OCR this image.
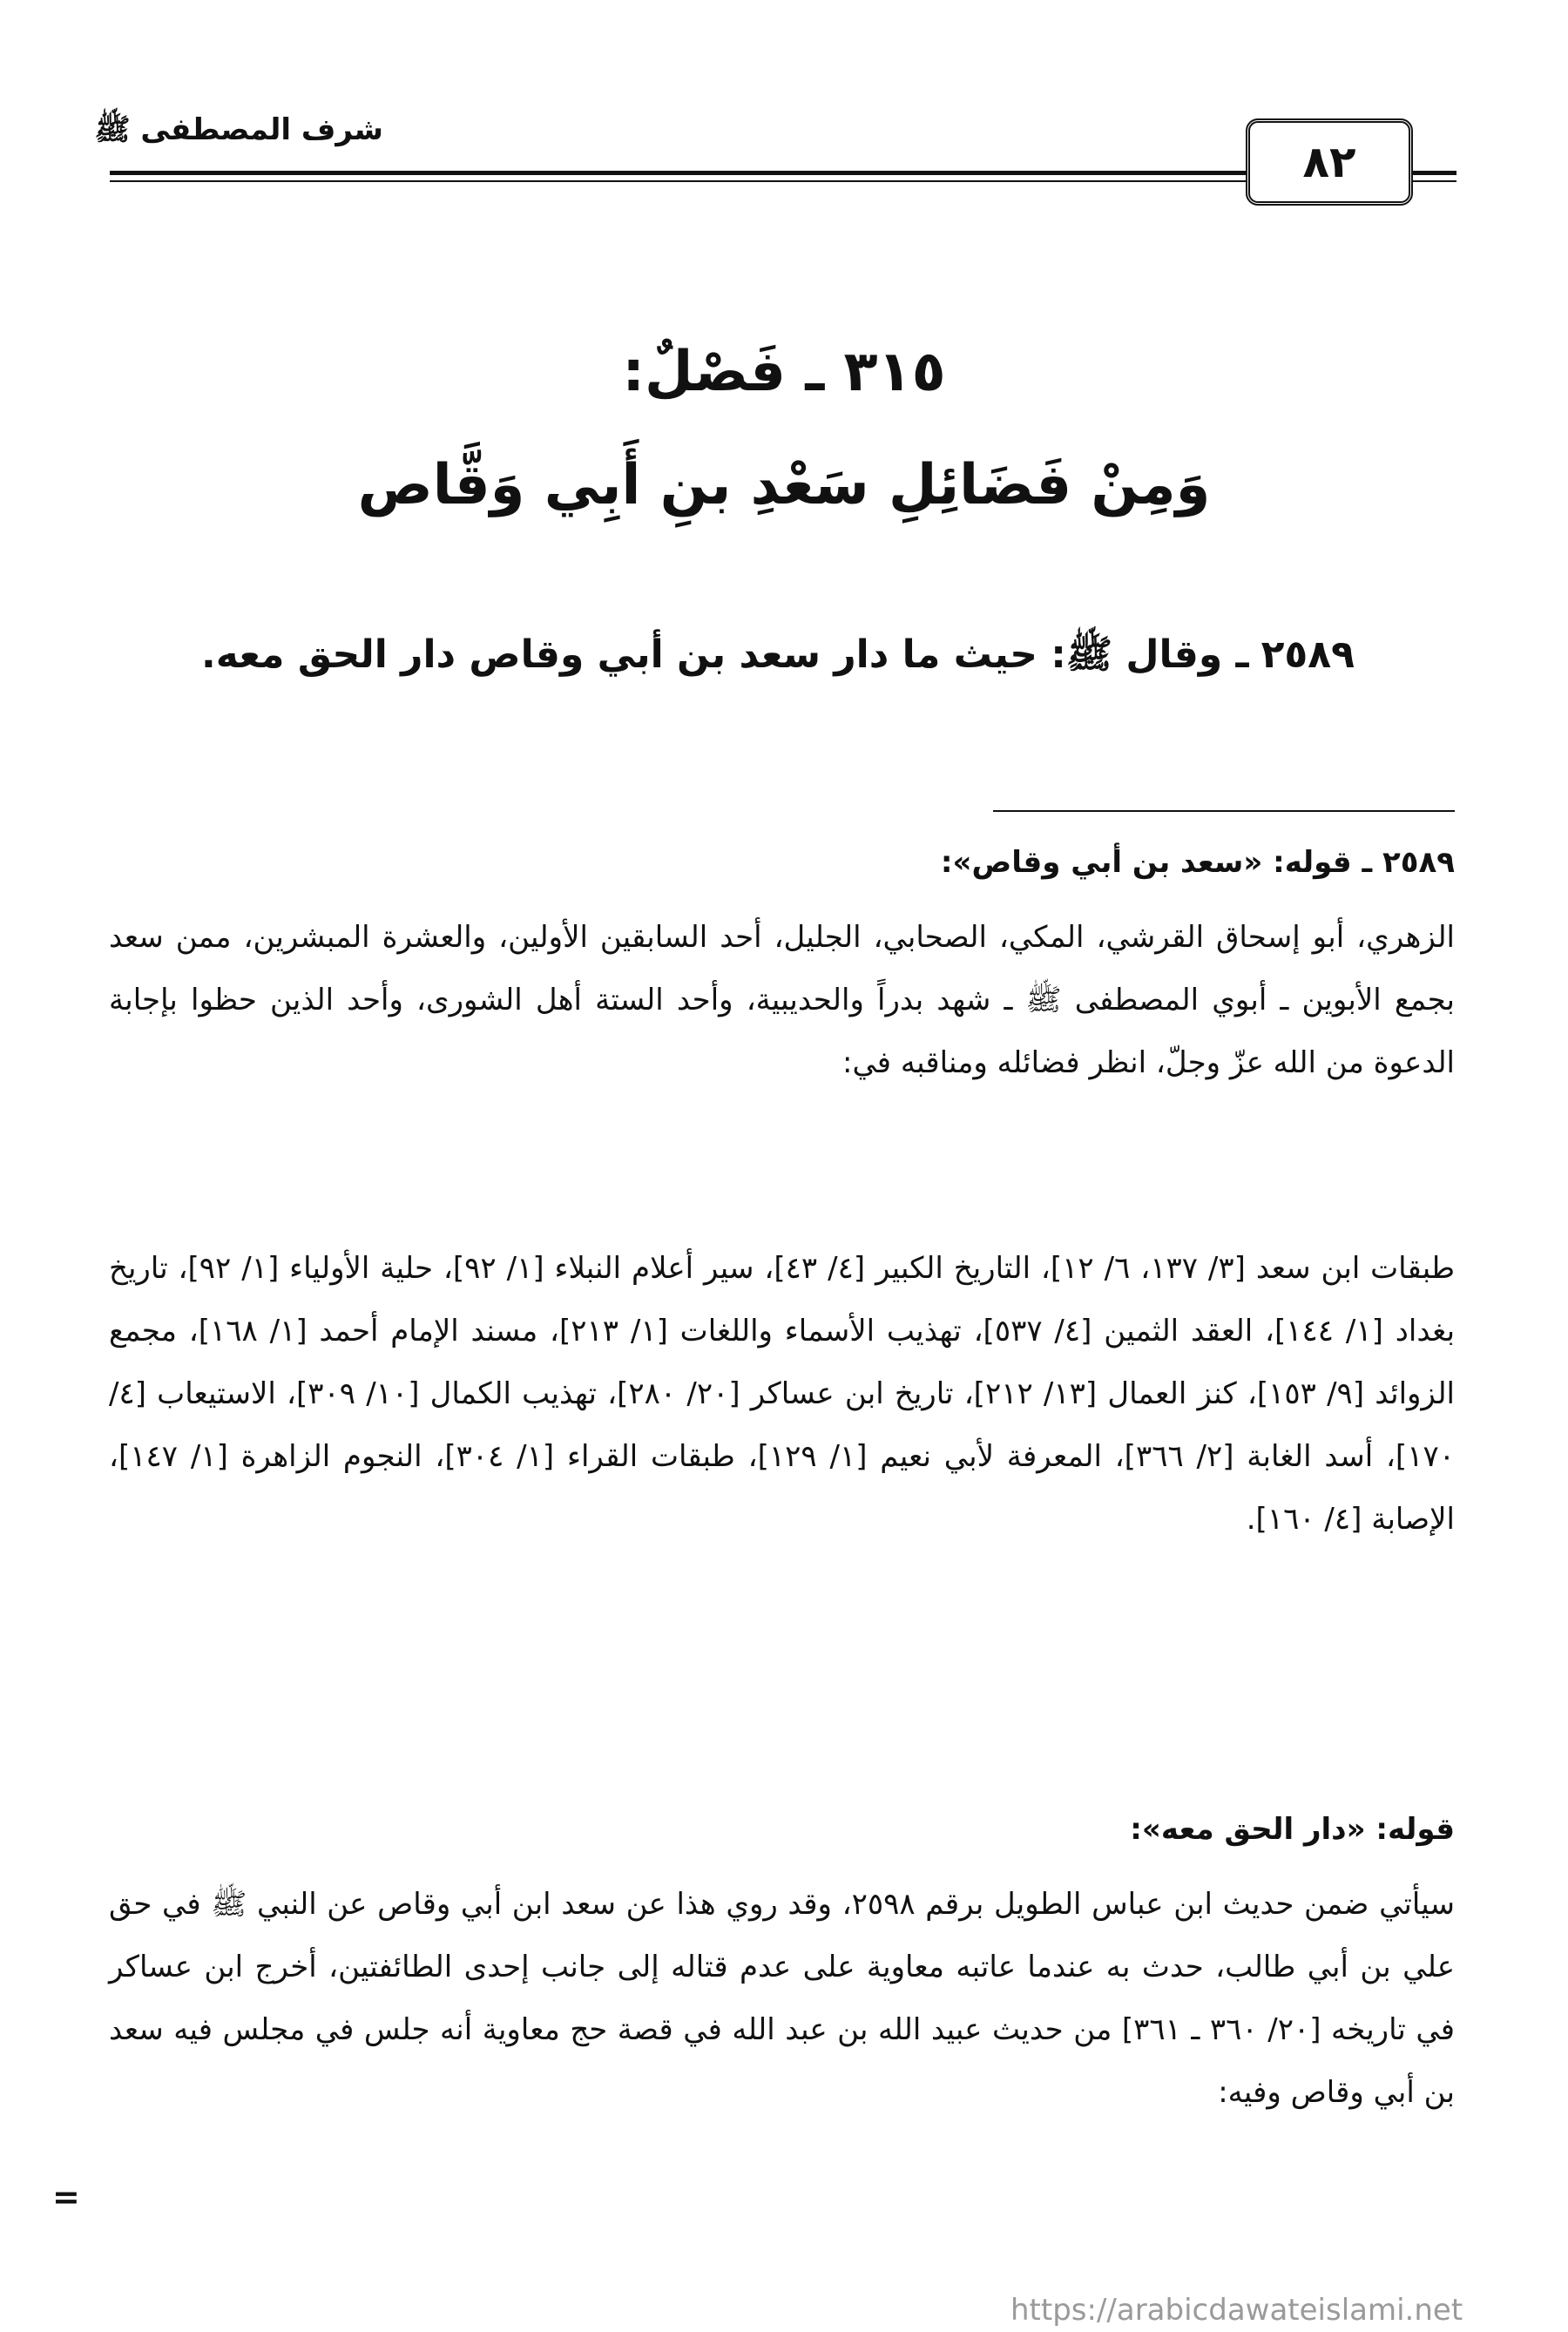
شرف المصطفى ﷺ
٨٢
٣١٥ ـ فَصْلٌ:
وَمِنْ فَضَائِلِ سَعْدِ بنِ أَبِي وَقَّاص
٢٥٨٩ـ وقال ﷺ: حيث ما دار سعد بن أبي وقاص دار الحق معه.
٢٥٨٩ ـ قوله: «سعد بن أبي وقاص»:

الزهري، أبو إسحاق القرشي، المكي، الصحابي، الجليل، أحد السابقين الأولين، والعشرة المبشرين، ممن سعد بجمع الأبوين ـ أبوي المصطفى ﷺ ـ شهد بدراً والحديبية، وأحد الستة أهل الشورى، وأحد الذين حظوا بإجابة الدعوة من الله عزّ وجلّ، انظر فضائله ومناقبه في:

طبقات ابن سعد [٣/ ١٣٧، ٦/ ١٢]، التاريخ الكبير [٤/ ٤٣]، سير أعلام النبلاء [١/ ٩٢]، حلية الأولياء [١/ ٩٢]، تاريخ بغداد [١/ ١٤٤]، العقد الثمين [٤/ ٥٣٧]، تهذيب الأسماء واللغات [١/ ٢١٣]، مسند الإمام أحمد [١/ ١٦٨]، مجمع الزوائد [٩/ ١٥٣]، كنز العمال [١٣/ ٢١٢]، تاريخ ابن عساكر [٢٠/ ٢٨٠]، تهذيب الكمال [١٠/ ٣٠٩]، الاستيعاب [٤/ ١٧٠]، أسد الغابة [٢/ ٣٦٦]، المعرفة لأبي نعيم [١/ ١٢٩]، طبقات القراء [١/ ٣٠٤]، النجوم الزاهرة [١/ ١٤٧]، الإصابة [٤/ ١٦٠].

قوله: «دار الحق معه»:

سيأتي ضمن حديث ابن عباس الطويل برقم ٢٥٩٨، وقد روي هذا عن سعد ابن أبي وقاص عن النبي ﷺ في حق علي بن أبي طالب، حدث به عندما عاتبه معاوية على عدم قتاله إلى جانب إحدى الطائفتين، أخرج ابن عساكر في تاريخه [٢٠/ ٣٦٠ ـ ٣٦١] من حديث عبيد الله بن عبد الله في قصة حج معاوية أنه جلس في مجلس فيه سعد بن أبي وقاص وفيه:

=
https://arabicdawateislami.net
